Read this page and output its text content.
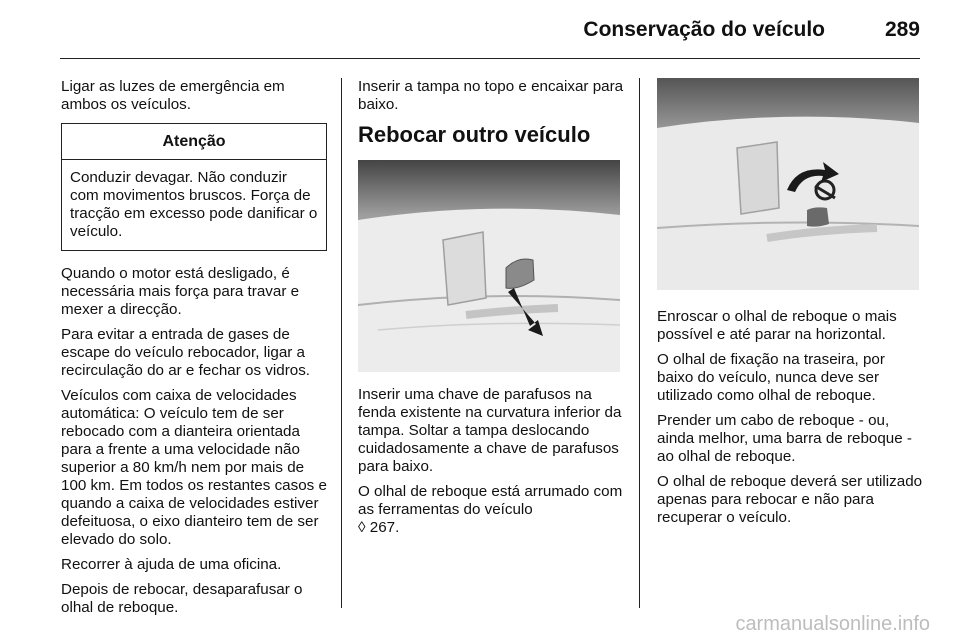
Conservação do veículo	289

Ligar as luzes de emergência em ambos os veículos.

Atenção
Conduzir devagar. Não conduzir com movimentos bruscos. Força de tracção em excesso pode danificar o veículo.

Quando o motor está desligado, é necessária mais força para travar e mexer a direcção.

Para evitar a entrada de gases de escape do veículo rebocador, ligar a recirculação do ar e fechar os vidros.

Veículos com caixa de velocidades automática: O veículo tem de ser rebocado com a dianteira orientada para a frente a uma velocidade não superior a 80 km/h nem por mais de 100 km. Em todos os restantes casos e quando a caixa de velocidades estiver defeituosa, o eixo dianteiro tem de ser elevado do solo.

Recorrer à ajuda de uma oficina.

Depois de rebocar, desaparafusar o olhal de reboque.

Inserir a tampa no topo e encaixar para baixo.

Rebocar outro veículo

Inserir uma chave de parafusos na fenda existente na curvatura inferior da tampa. Soltar a tampa deslocando cuidadosamente a chave de parafusos para baixo.

O olhal de reboque está arrumado com as ferramentas do veículo
◊ 267.

Enroscar o olhal de reboque o mais possível e até parar na horizontal.

O olhal de fixação na traseira, por baixo do veículo, nunca deve ser utilizado como olhal de reboque.

Prender um cabo de reboque - ou, ainda melhor, uma barra de reboque - ao olhal de reboque.

O olhal de reboque deverá ser utilizado apenas para rebocar e não para recuperar o veículo.

carmanualsonline.info
